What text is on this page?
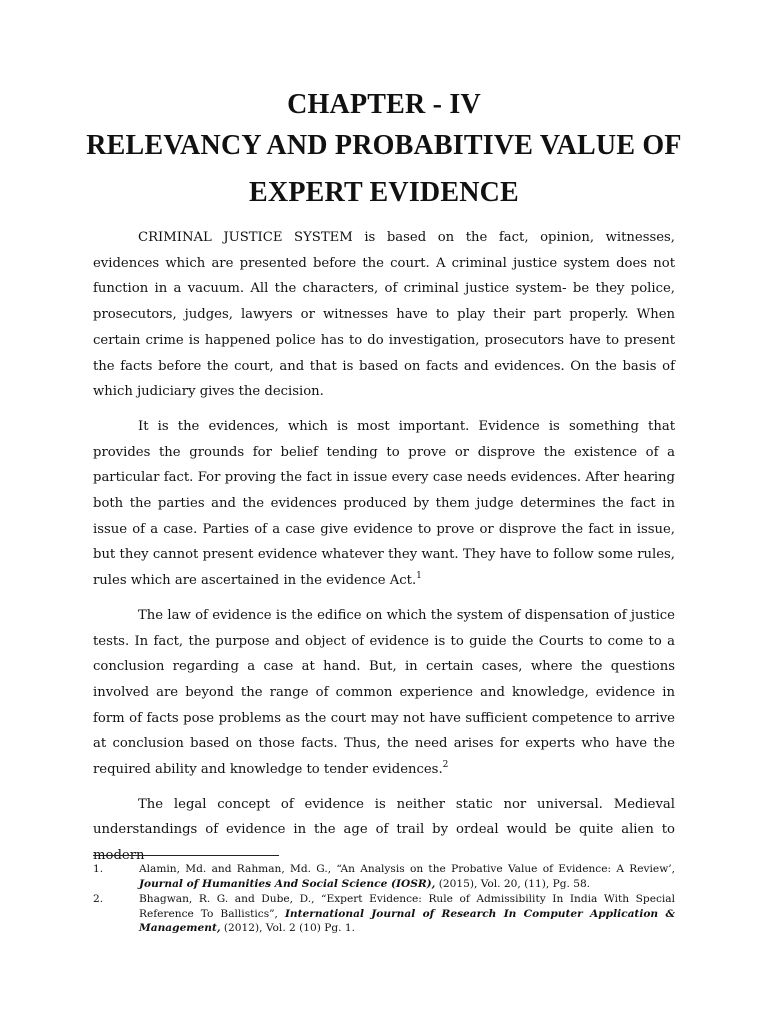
CHAPTER - IV
RELEVANCY AND PROBABITIVE VALUE OF
EXPERT EVIDENCE

CRIMINAL JUSTICE SYSTEM is based on the fact, opinion, witnesses, evidences which are presented before the court. A criminal justice system does not function in a vacuum. All the characters, of criminal justice system- be they police, prosecutors, judges, lawyers or witnesses have to play their part properly. When certain crime is happened police has to do investigation, prosecutors have to present the facts before the court, and that is based on facts and evidences. On the basis of which judiciary gives the decision.

It is the evidences, which is most important. Evidence is something that provides the grounds for belief tending to prove or disprove the existence of a particular fact. For proving the fact in issue every case needs evidences. After hearing both the parties and the evidences produced by them judge determines the fact in issue of a case. Parties of a case give evidence to prove or disprove the fact in issue, but they cannot present evidence whatever they want. They have to follow some rules, rules which are ascertained in the evidence Act.$^1$

The law of evidence is the edifice on which the system of dispensation of justice tests. In fact, the purpose and object of evidence is to guide the Courts to come to a conclusion regarding a case at hand. But, in certain cases, where the questions involved are beyond the range of common experience and knowledge, evidence in form of facts pose problems as the court may not have sufficient competence to arrive at conclusion based on those facts. Thus, the need arises for experts who have the required ability and knowledge to tender evidences.$^2$

The legal concept of evidence is neither static nor universal. Medieval understandings of evidence in the age of trail by ordeal would be quite alien to modern

1.	Alamin, Md. and Rahman, Md. G., “An Analysis on the Probative Value of Evidence: A Review’, Journal of Humanities And Social Science (IOSR), (2015), Vol. 20, (11), Pg. 58.
2.	Bhagwan, R. G. and Dube, D., “Expert Evidence: Rule of Admissibility In India With Special Reference To Ballistics”, International Journal of Research In Computer Application & Management, (2012), Vol. 2 (10) Pg. 1.
